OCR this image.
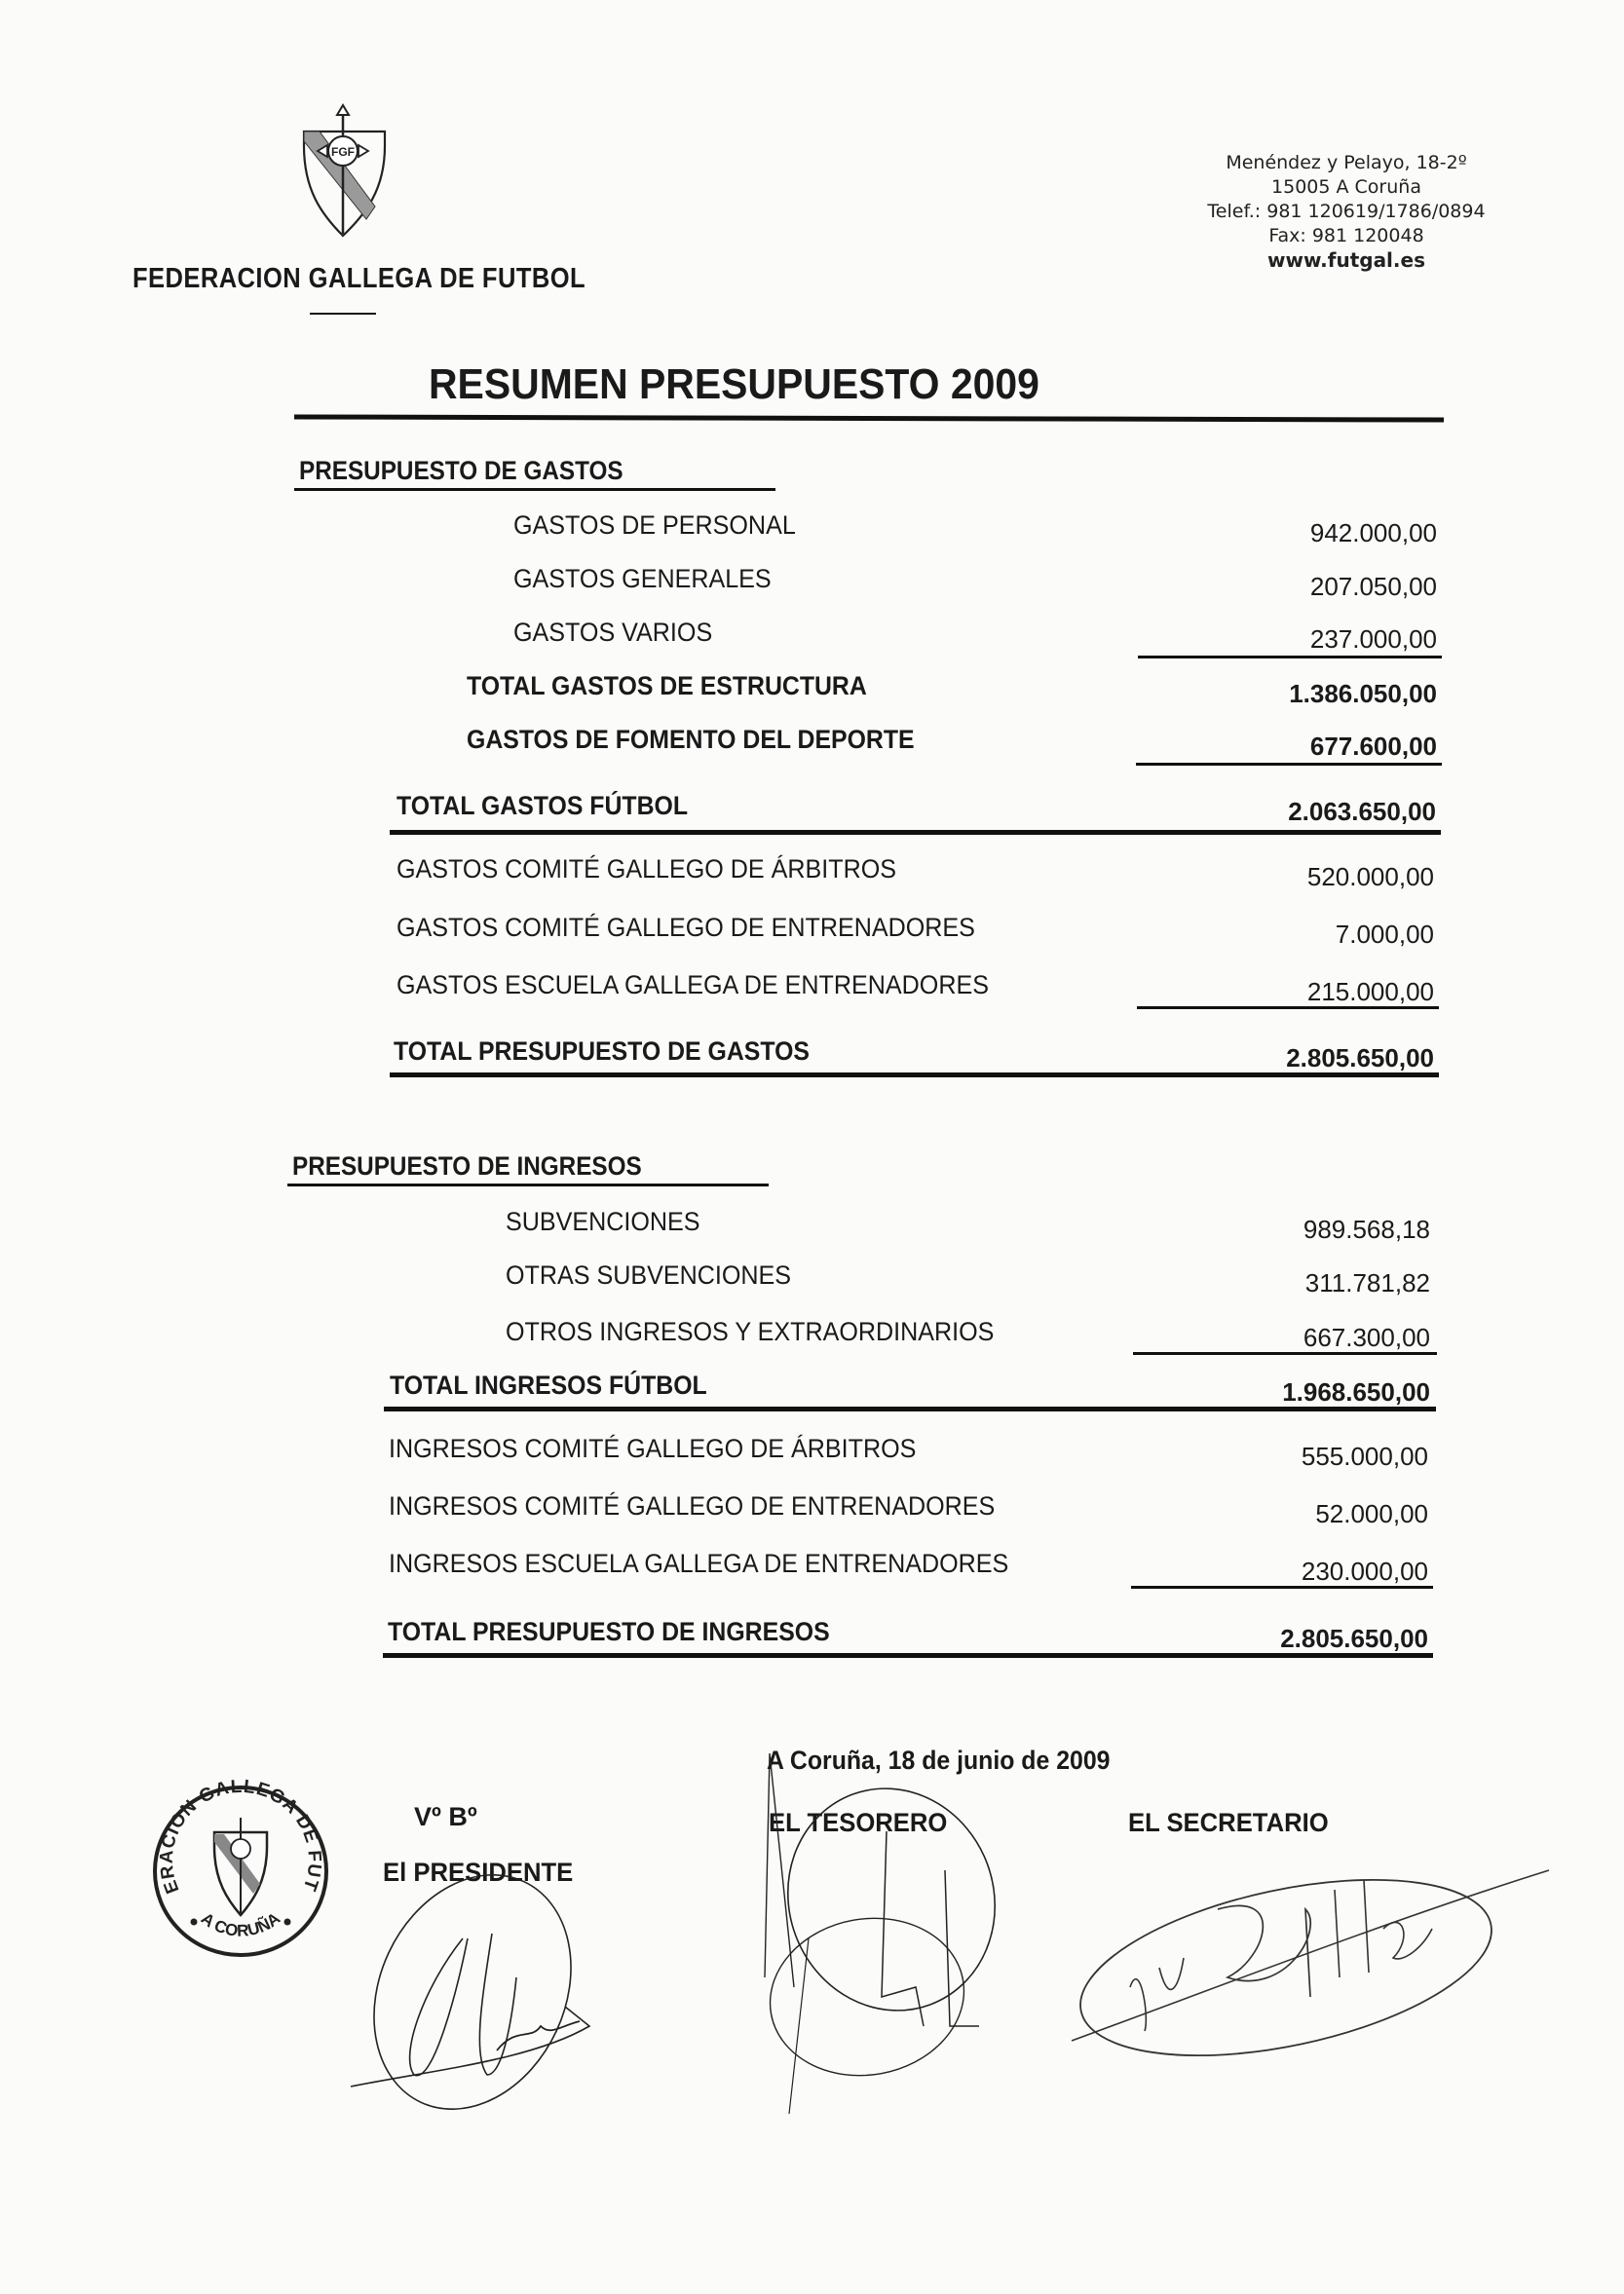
FGF
FEDERACION GALLEGA DE FUTBOL
Menéndez y Pelayo, 18-2º
15005 A Coruña
Telef.: 981 120619/1786/0894
Fax: 981 120048
www.futgal.es
RESUMEN PRESUPUESTO 2009
PRESUPUESTO DE GASTOS
GASTOS DE PERSONAL	942.000,00
GASTOS GENERALES	207.050,00
GASTOS VARIOS	237.000,00
TOTAL GASTOS DE ESTRUCTURA	1.386.050,00
GASTOS DE FOMENTO DEL DEPORTE	677.600,00
TOTAL GASTOS FÚTBOL	2.063.650,00
GASTOS COMITÉ GALLEGO DE ÁRBITROS	520.000,00
GASTOS COMITÉ GALLEGO DE ENTRENADORES	7.000,00
GASTOS ESCUELA GALLEGA DE ENTRENADORES	215.000,00
TOTAL PRESUPUESTO DE GASTOS	2.805.650,00
PRESUPUESTO DE INGRESOS
SUBVENCIONES	989.568,18
OTRAS SUBVENCIONES	311.781,82
OTROS INGRESOS Y EXTRAORDINARIOS	667.300,00
TOTAL INGRESOS FÚTBOL	1.968.650,00
INGRESOS COMITÉ GALLEGO DE ÁRBITROS	555.000,00
INGRESOS COMITÉ GALLEGO DE ENTRENADORES	52.000,00
INGRESOS ESCUELA GALLEGA DE ENTRENADORES	230.000,00
TOTAL PRESUPUESTO DE INGRESOS	2.805.650,00
A Coruña, 18 de junio de 2009
Vº Bº
El PRESIDENTE
EL TESORERO	EL SECRETARIO
FEDERACION GALLEGA DE FUTBOL
A CORUÑA
